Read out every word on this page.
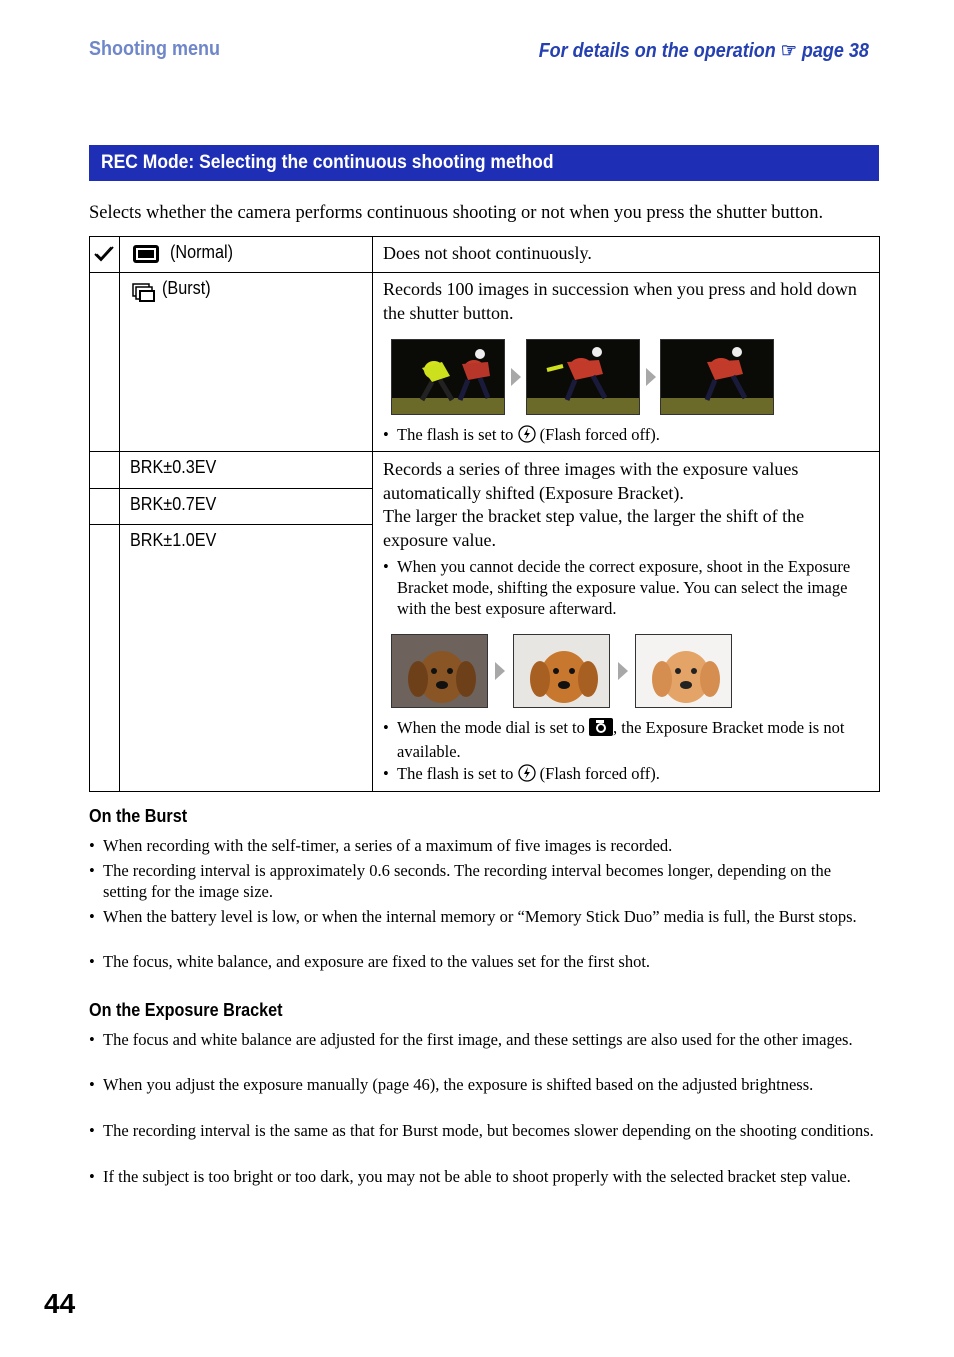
Shooting menu	For details on the operation ☞ page 38
REC Mode: Selecting the continuous shooting method
Selects whether the camera performs continuous shooting or not when you press the shutter button.
(Normal)	Does not shoot continuously.
(Burst)	Records 100 images in succession when you press and hold down the shutter button.
• The flash is set to (Flash forced off).
BRK±0.3EV
BRK±0.7EV
BRK±1.0EV
Records a series of three images with the exposure values automatically shifted (Exposure Bracket).
The larger the bracket step value, the larger the shift of the exposure value.
• When you cannot decide the correct exposure, shoot in the Exposure Bracket mode, shifting the exposure value. You can select the image with the best exposure afterward.
• When the mode dial is set to , the Exposure Bracket mode is not available.
• The flash is set to (Flash forced off).
On the Burst
• When recording with the self-timer, a series of a maximum of five images is recorded.
• The recording interval is approximately 0.6 seconds. The recording interval becomes longer, depending on the setting for the image size.
• When the battery level is low, or when the internal memory or “Memory Stick Duo” media is full, the Burst stops.
• The focus, white balance, and exposure are fixed to the values set for the first shot.
On the Exposure Bracket
• The focus and white balance are adjusted for the first image, and these settings are also used for the other images.
• When you adjust the exposure manually (page 46), the exposure is shifted based on the adjusted brightness.
• The recording interval is the same as that for Burst mode, but becomes slower depending on the shooting conditions.
• If the subject is too bright or too dark, you may not be able to shoot properly with the selected bracket step value.
44
